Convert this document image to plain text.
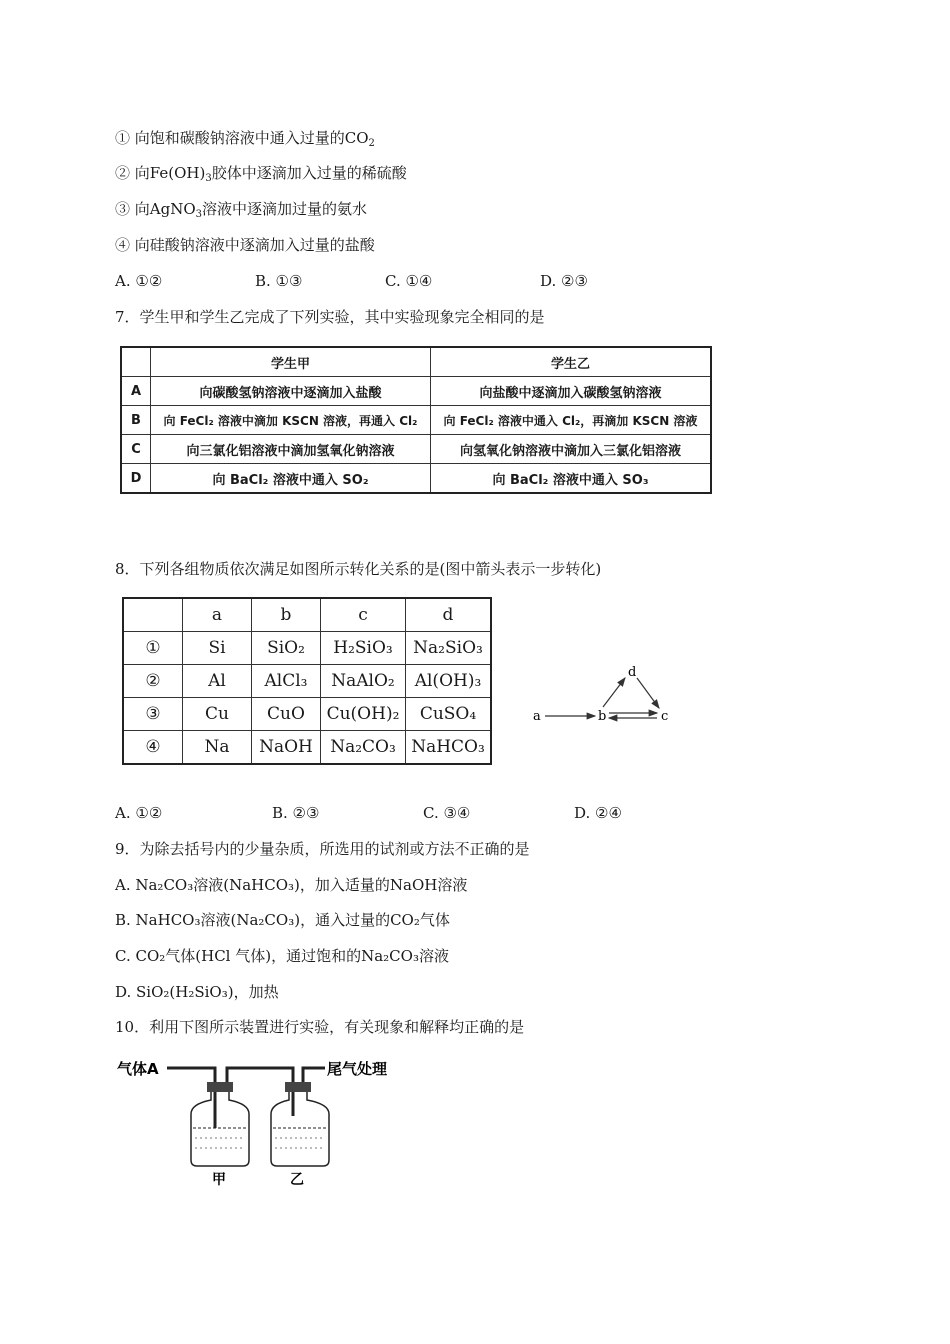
① 向饱和碳酸钠溶液中通入过量的$CO_2$
② 向$Fe(OH)_3$胶体中逐滴加入过量的稀硫酸
③ 向AgNO$_3$溶液中逐滴加过量的氨水
④ 向硅酸钠溶液中逐滴加入过量的盐酸
A. ①②	B. ①③	C. ①④	D. ②③
7．学生甲和学生乙完成了下列实验，其中实验现象完全相同的是
	学生甲	学生乙
A	向碳酸氢钠溶液中逐滴加入盐酸	向盐酸中逐滴加入碳酸氢钠溶液
B	向 FeCl₂ 溶液中滴加 KSCN 溶液，再通入 Cl₂	向 FeCl₂ 溶液中通入 Cl₂，再滴加 KSCN 溶液
C	向三氯化铝溶液中滴加氢氧化钠溶液	向氢氧化钠溶液中滴加入三氯化铝溶液
D	向 BaCl₂ 溶液中通入 SO₂	向 BaCl₂ 溶液中通入 SO₃
8．下列各组物质依次满足如图所示转化关系的是(图中箭头表示一步转化)
	a	b	c	d
①	Si	SiO₂	H₂SiO₃	Na₂SiO₃
②	Al	AlCl₃	NaAlO₂	Al(OH)₃
③	Cu	CuO	Cu(OH)₂	CuSO₄
④	Na	NaOH	Na₂CO₃	NaHCO₃
a	b
d
c
A. ①②	B. ②③	C. ③④	D. ②④
9．为除去括号内的少量杂质，所选用的试剂或方法不正确的是
A. Na₂CO₃溶液(NaHCO₃)，加入适量的NaOH溶液
B. NaHCO₃溶液(Na₂CO₃)，通入过量的CO₂气体
C. CO₂气体(HCl 气体)，通过饱和的Na₂CO₃溶液
D. SiO₂(H₂SiO₃)，加热
10．利用下图所示装置进行实验，有关现象和解释均正确的是
气体A	尾气处理
甲	乙
